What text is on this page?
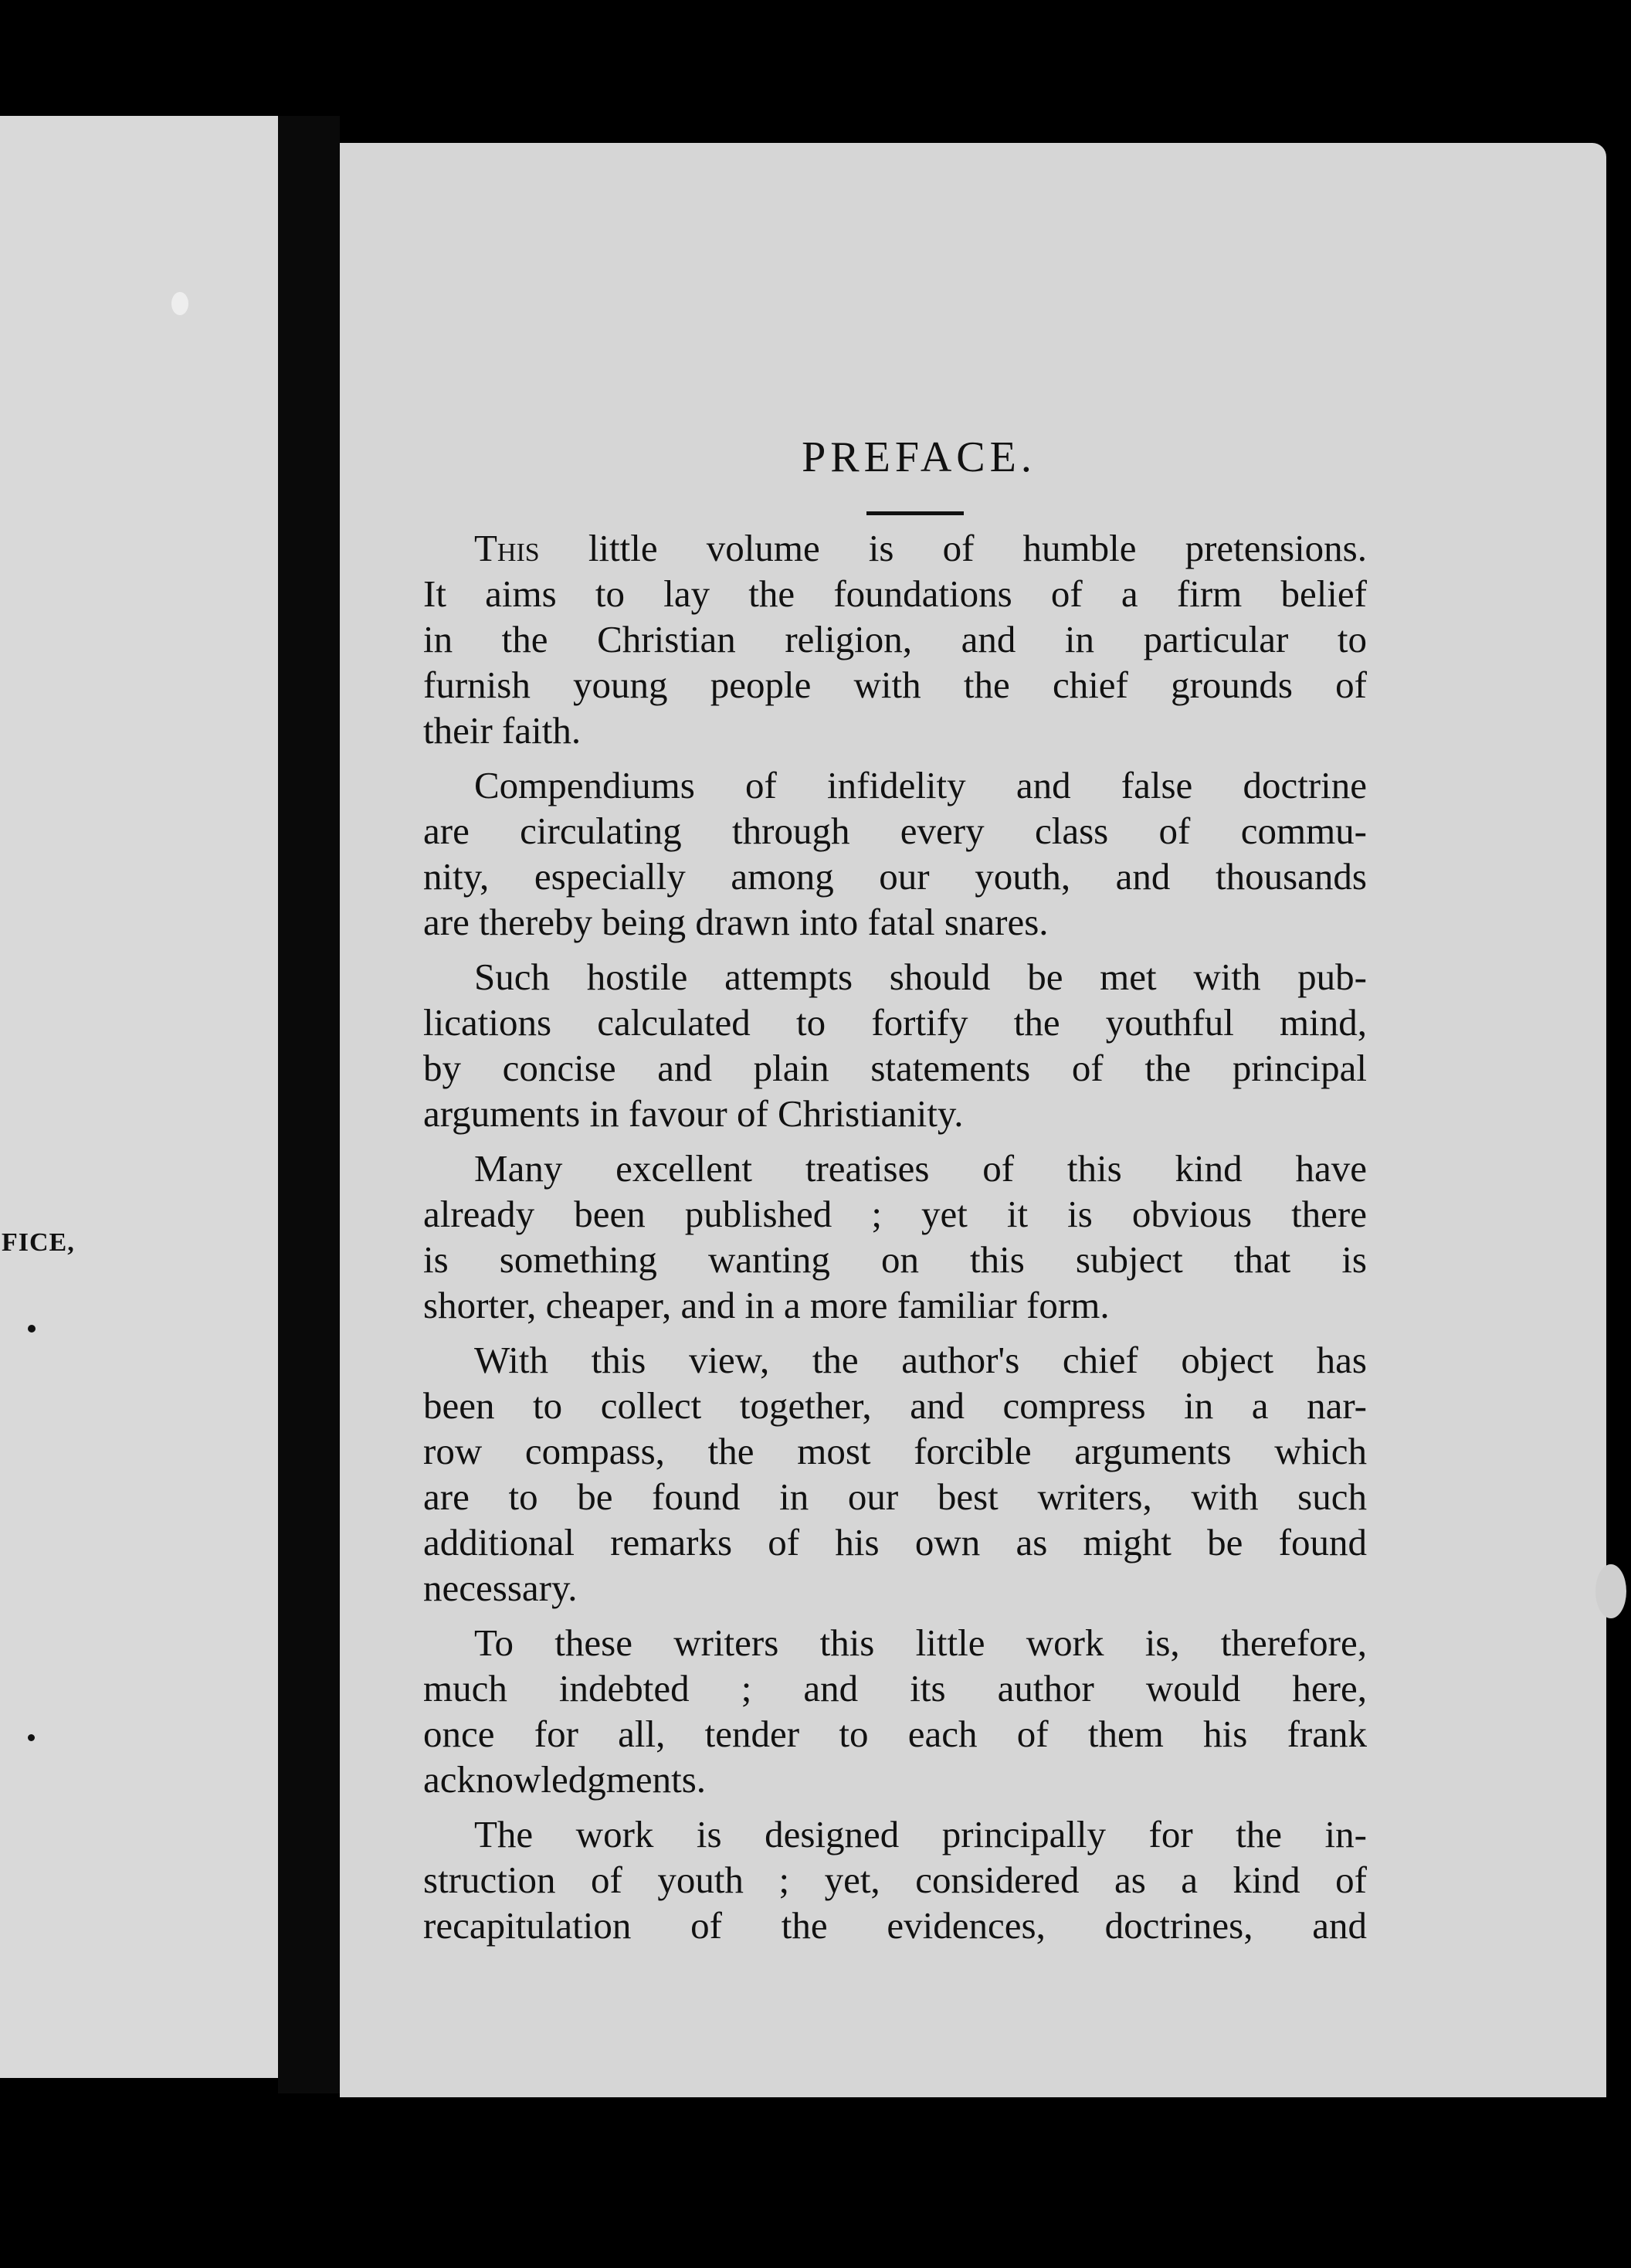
FICE,
PREFACE.

This little volume is of humble pretensions.
It aims to lay the foundations of a firm belief
in the Christian religion, and in particular to
furnish young people with the chief grounds of
their faith.

Compendiums of infidelity and false doctrine
are circulating through every class of commu-
nity, especially among our youth, and thousands
are thereby being drawn into fatal snares.

Such hostile attempts should be met with pub-
lications calculated to fortify the youthful mind,
by concise and plain statements of the principal
arguments in favour of Christianity.

Many excellent treatises of this kind have
already been published ; yet it is obvious there
is something wanting on this subject that is
shorter, cheaper, and in a more familiar form.

With this view, the author's chief object has
been to collect together, and compress in a nar-
row compass, the most forcible arguments which
are to be found in our best writers, with such
additional remarks of his own as might be found
necessary.

To these writers this little work is, therefore,
much indebted ; and its author would here,
once for all, tender to each of them his frank
acknowledgments.

The work is designed principally for the in-
struction of youth ; yet, considered as a kind of
recapitulation of the evidences, doctrines, and
